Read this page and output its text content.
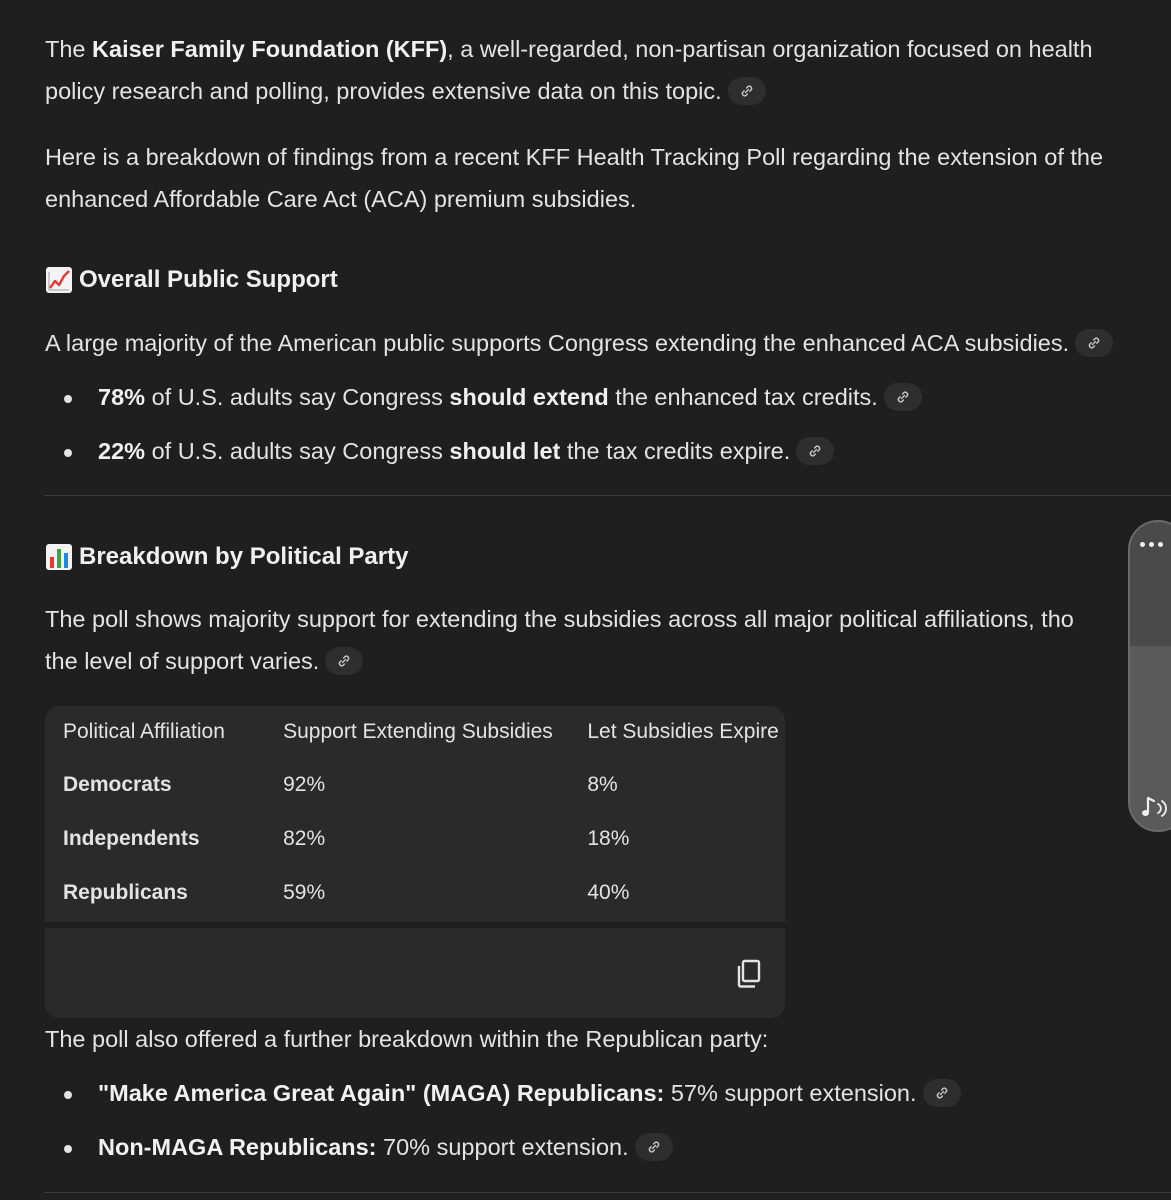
The Kaiser Family Foundation (KFF), a well-regarded, non-partisan organization focused on health policy research and polling, provides extensive data on this topic.

Here is a breakdown of findings from a recent KFF Health Tracking Poll regarding the extension of the enhanced Affordable Care Act (ACA) premium subsidies.

Overall Public Support

A large majority of the American public supports Congress extending the enhanced ACA subsidies.

78% of U.S. adults say Congress should extend the enhanced tax credits.
22% of U.S. adults say Congress should let the tax credits expire.
Breakdown by Political Party

The poll shows majority support for extending the subsidies across all major political affiliations, tho
the level of support varies.

Political Affiliation	Support Extending Subsidies	Let Subsidies Expire
Democrats	92%	8%
Independents	82%	18%
Republicans	59%	40%

The poll also offered a further breakdown within the Republican party:

"Make America Great Again" (MAGA) Republicans: 57% support extension.
Non-MAGA Republicans: 70% support extension.
